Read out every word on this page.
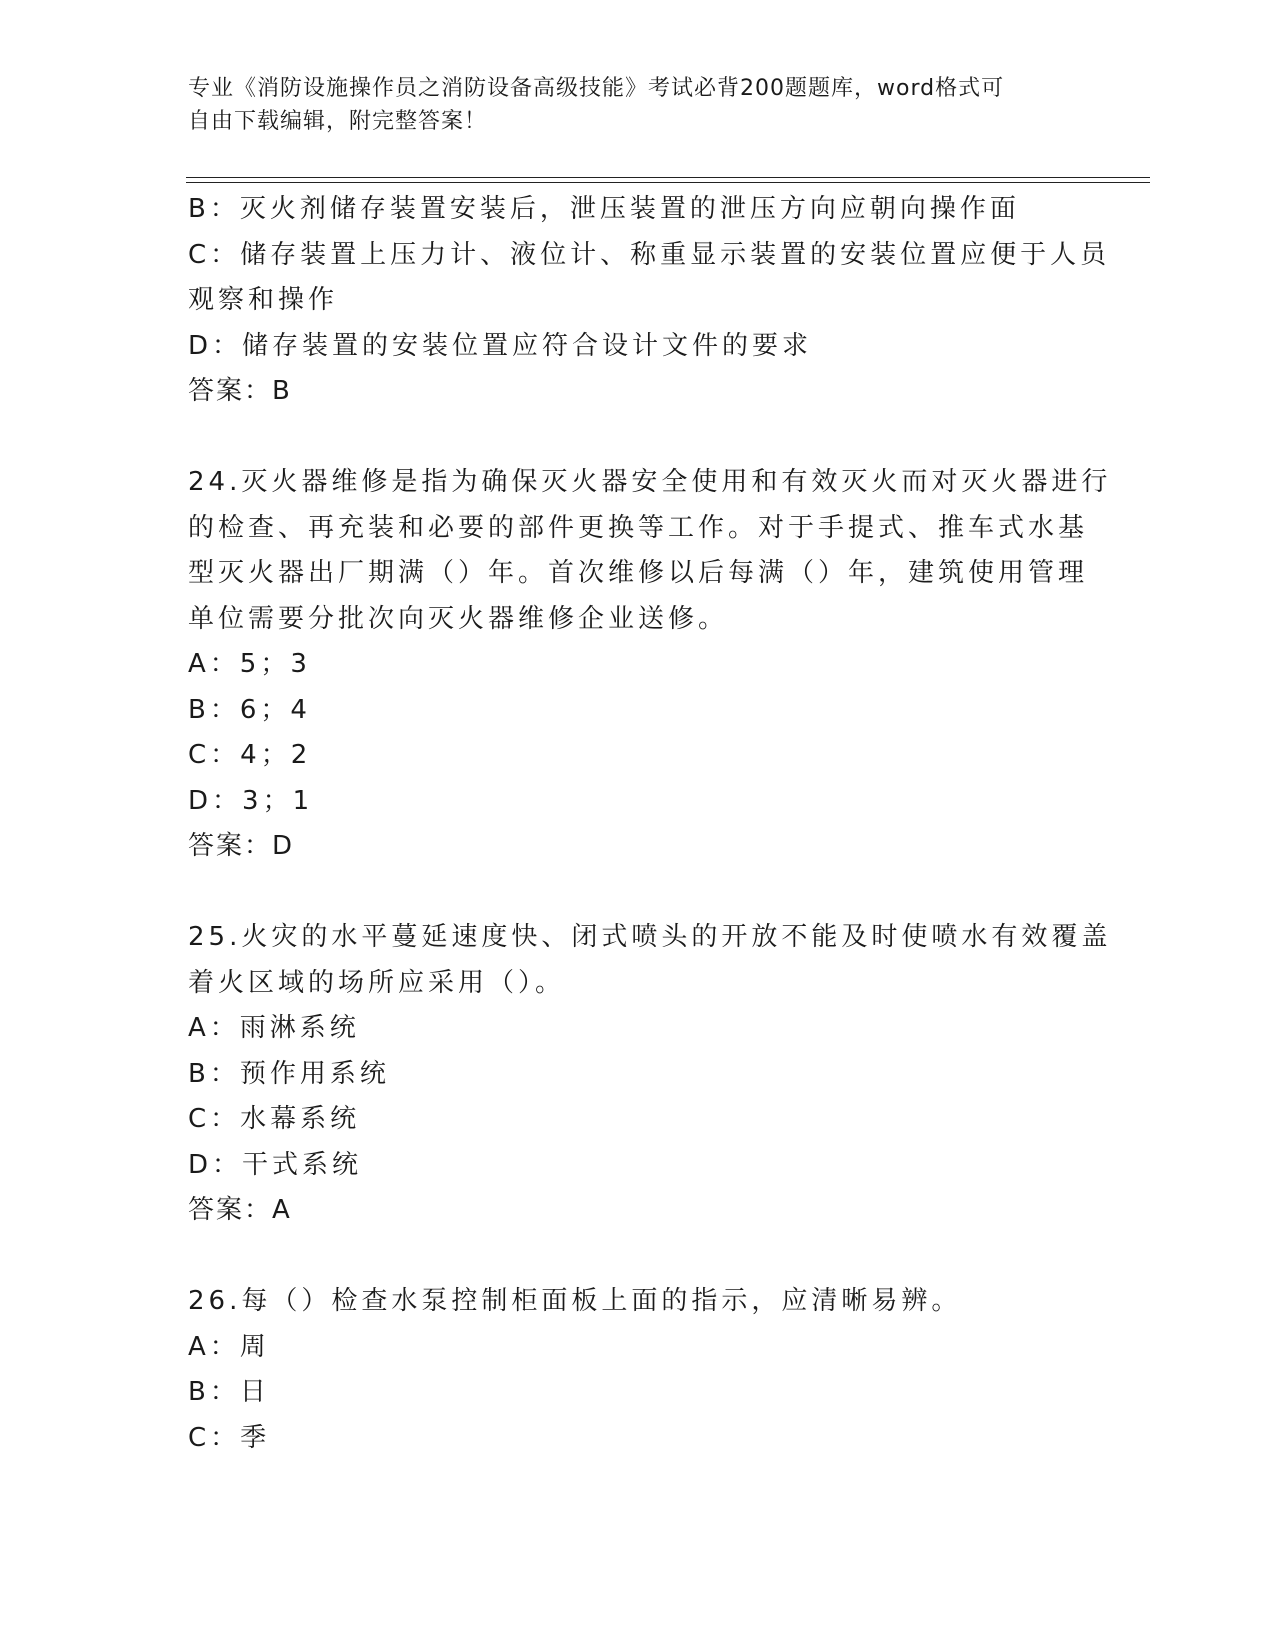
专业《消防设施操作员之消防设备高级技能》考试必背200题题库，word格式可
自由下载编辑，附完整答案！
B：灭火剂储存装置安装后，泄压装置的泄压方向应朝向操作面
C：储存装置上压力计、液位计、称重显示装置的安装位置应便于人员
观察和操作
D：储存装置的安装位置应符合设计文件的要求
答案：B
24.灭火器维修是指为确保灭火器安全使用和有效灭火而对灭火器进行
的检查、再充装和必要的部件更换等工作。对于手提式、推车式水基
型灭火器出厂期满（）年。首次维修以后每满（）年，建筑使用管理
单位需要分批次向灭火器维修企业送修。
A：5；3
B：6；4
C：4；2
D：3；1
答案：D
25.火灾的水平蔓延速度快、闭式喷头的开放不能及时使喷水有效覆盖
着火区域的场所应采用（）。
A：雨淋系统
B：预作用系统
C：水幕系统
D：干式系统
答案：A
26.每（）检查水泵控制柜面板上面的指示，应清晰易辨。
A：周
B：日
C：季
